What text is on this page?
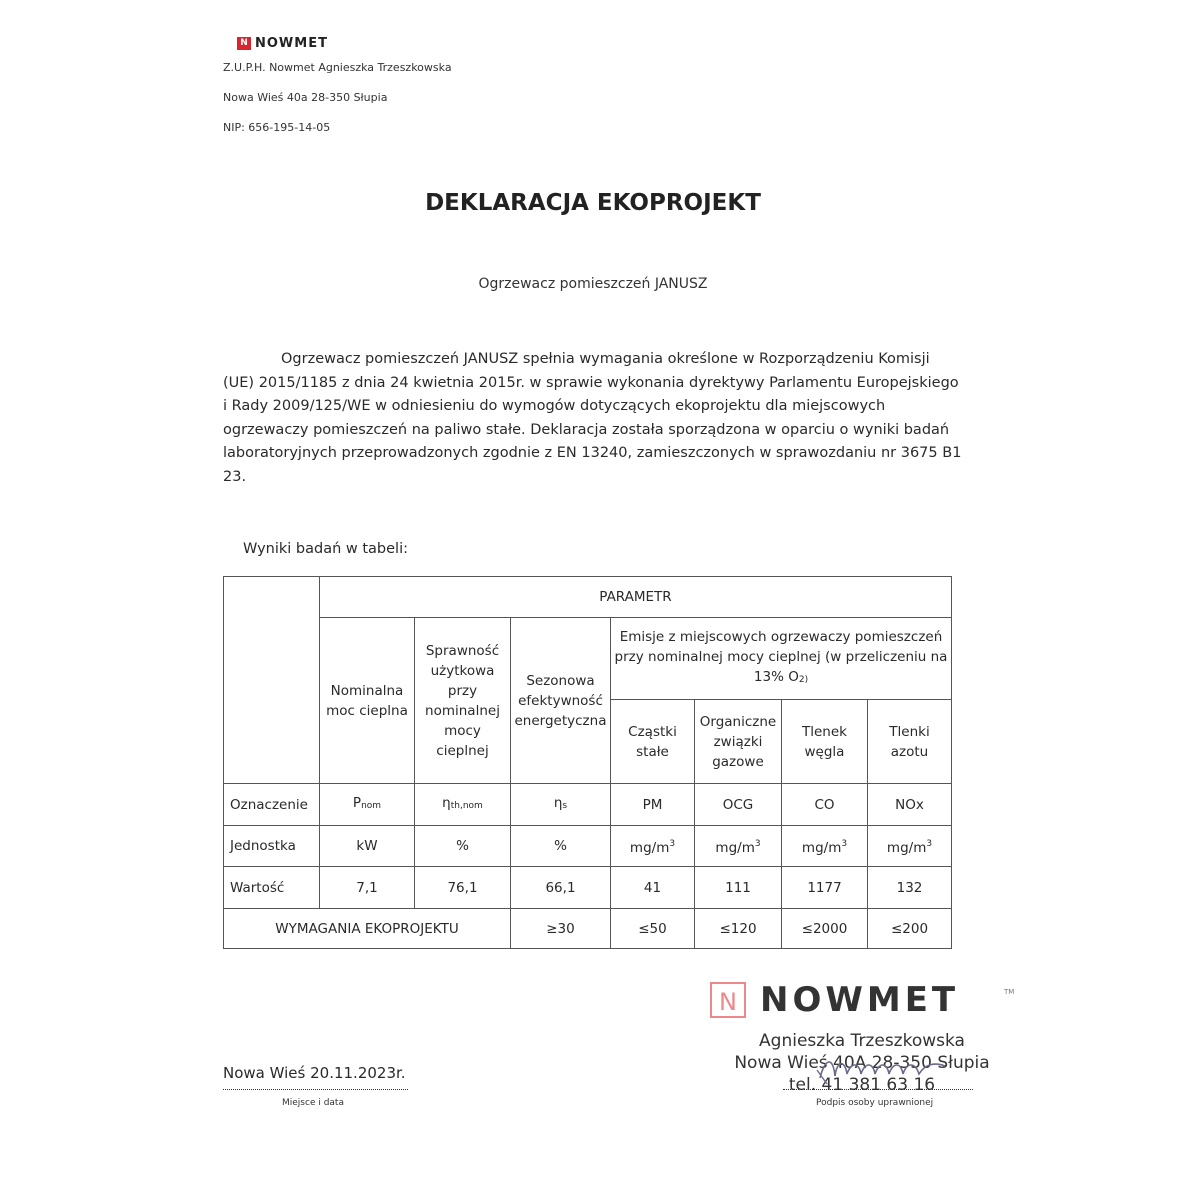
N NOWMET
Z.U.P.H. Nowmet Agnieszka Trzeszkowska
Nowa Wieś 40a 28-350 Słupia
NIP: 656-195-14-05
DEKLARACJA EKOPROJEKT
Ogrzewacz pomieszczeń JANUSZ
Ogrzewacz pomieszczeń JANUSZ spełnia wymagania określone w Rozporządzeniu Komisji
(UE) 2015/1185 z dnia 24 kwietnia 2015r. w sprawie wykonania dyrektywy Parlamentu Europejskiego
i Rady 2009/125/WE w odniesieniu do wymogów dotyczących ekoprojektu dla miejscowych
ogrzewaczy pomieszczeń na paliwo stałe. Deklaracja została sporządzona w oparciu o wyniki badań
laboratoryjnych przeprowadzonych zgodnie z EN 13240, zamieszczonych w sprawozdaniu nr 3675 B1
23.
Wyniki badań w tabeli:
	PARAMETR						
	Nominalna moc cieplna	Sprawność użytkowa przy nominalnej mocy cieplnej	Sezonowa efektywność energetyczna	Emisje z miejscowych ogrzewaczy pomieszczeń przy nominalnej mocy cieplnej (w przeliczeniu na 13% O2)			
				Cząstki stałe	Organiczne związki gazowe	Tlenek węgla	Tlenki azotu
Oznaczenie	Pnom	ηth,nom	ηs	PM	OCG	CO	NOx
Jednostka	kW	%	%	$mg/m^3$	$mg/m^3$	$mg/m^3$	$mg/m^3$
Wartość	7,1	76,1	66,1	41	111	1177	132
WYMAGANIA EKOPROJEKTU			≥30	≤50	≤120	≤2000	≤200
N NOWMET	TM
Agnieszka Trzeszkowska
Nowa Wieś 40A 28-350 Słupia
tel. 41 381 63 16
Nowa Wieś 20.11.2023r.
Miejsce i data	Podpis osoby uprawnionej
